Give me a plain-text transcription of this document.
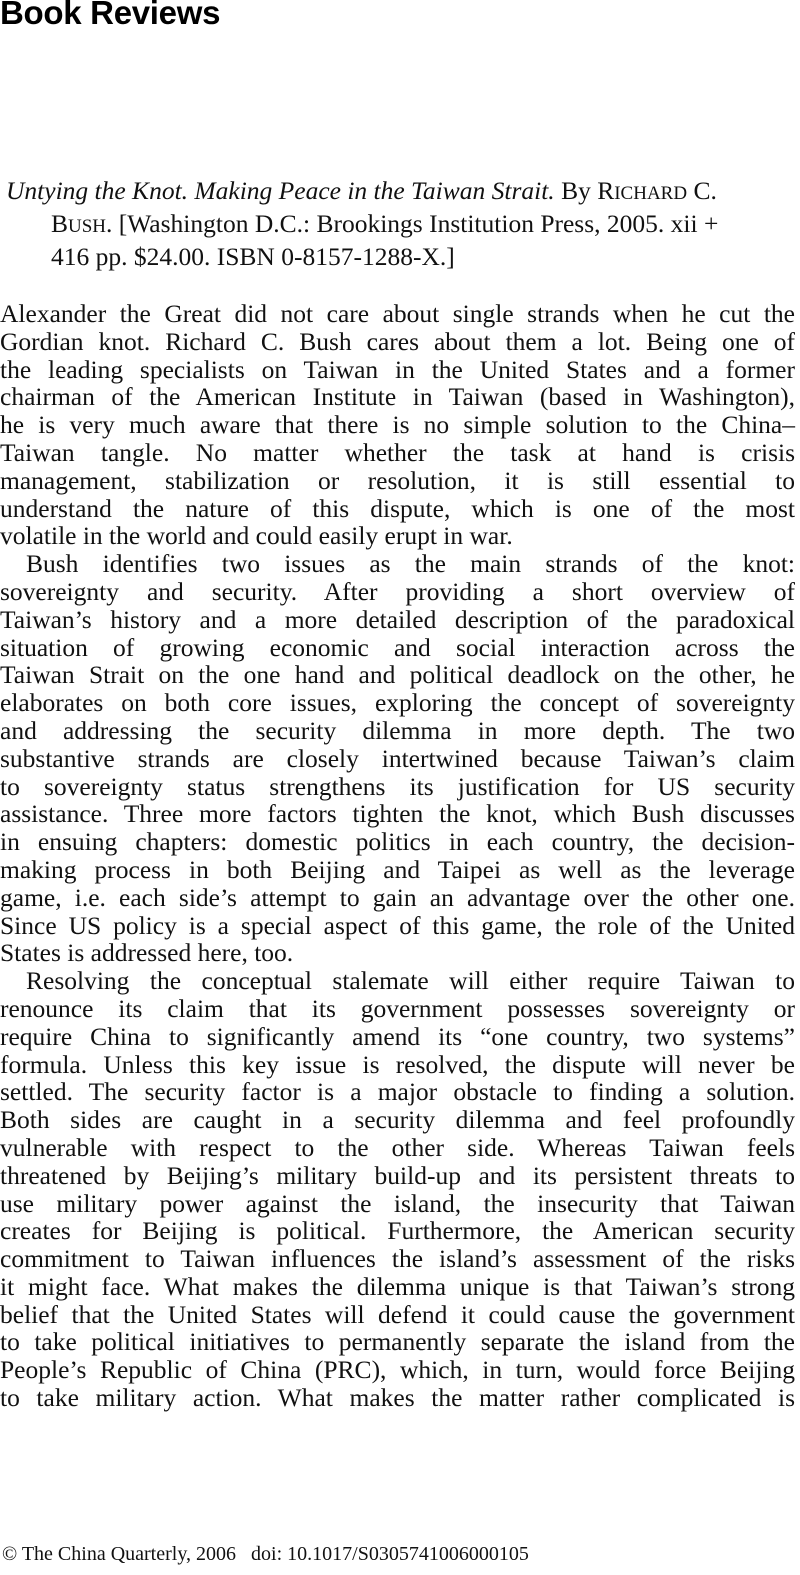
Book Reviews
Untying the Knot. Making Peace in the Taiwan Strait. By RICHARD C.
BUSH. [Washington D.C.: Brookings Institution Press, 2005. xii +
416 pp. $24.00. ISBN 0-8157-1288-X.]

Alexander the Great did not care about single strands when he cut the
Gordian knot. Richard C. Bush cares about them a lot. Being one of
the leading specialists on Taiwan in the United States and a former
chairman of the American Institute in Taiwan (based in Washington),
he is very much aware that there is no simple solution to the China–
Taiwan tangle. No matter whether the task at hand is crisis
management, stabilization or resolution, it is still essential to
understand the nature of this dispute, which is one of the most
volatile in the world and could easily erupt in war.

Bush identifies two issues as the main strands of the knot:
sovereignty and security. After providing a short overview of
Taiwan’s history and a more detailed description of the paradoxical
situation of growing economic and social interaction across the
Taiwan Strait on the one hand and political deadlock on the other, he
elaborates on both core issues, exploring the concept of sovereignty
and addressing the security dilemma in more depth. The two
substantive strands are closely intertwined because Taiwan’s claim
to sovereignty status strengthens its justification for US security
assistance. Three more factors tighten the knot, which Bush discusses
in ensuing chapters: domestic politics in each country, the decision-
making process in both Beijing and Taipei as well as the leverage
game, i.e. each side’s attempt to gain an advantage over the other one.
Since US policy is a special aspect of this game, the role of the United
States is addressed here, too.

Resolving the conceptual stalemate will either require Taiwan to
renounce its claim that its government possesses sovereignty or
require China to significantly amend its “one country, two systems”
formula. Unless this key issue is resolved, the dispute will never be
settled. The security factor is a major obstacle to finding a solution.
Both sides are caught in a security dilemma and feel profoundly
vulnerable with respect to the other side. Whereas Taiwan feels
threatened by Beijing’s military build-up and its persistent threats to
use military power against the island, the insecurity that Taiwan
creates for Beijing is political. Furthermore, the American security
commitment to Taiwan influences the island’s assessment of the risks
it might face. What makes the dilemma unique is that Taiwan’s strong
belief that the United States will defend it could cause the government
to take political initiatives to permanently separate the island from the
People’s Republic of China (PRC), which, in turn, would force Beijing
to take military action. What makes the matter rather complicated is

© The China Quarterly, 2006 doi: 10.1017/S0305741006000105
